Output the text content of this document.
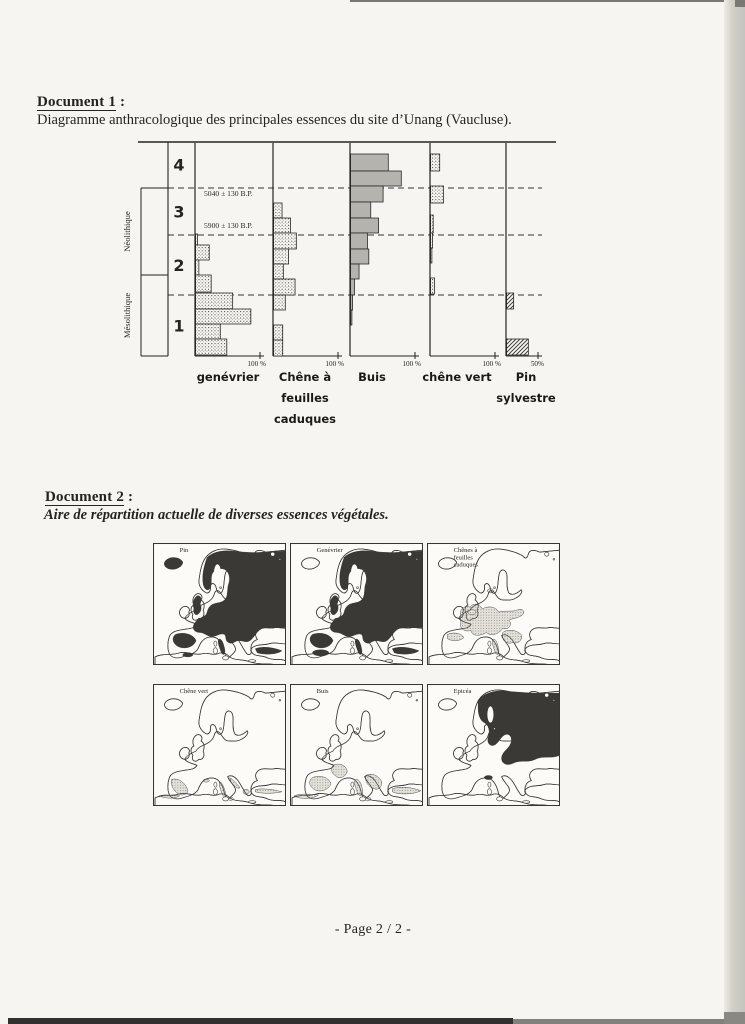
Document 1 :
Diagramme anthracologique des principales essences du site d’Unang (Vaucluse).
Néolithique
Mésolithique
4
3
2
1
5040 ± 130 B.P.
5900 ± 130 B.P.
100 %
genévrier
100 %
Chêne à
feuilles
caduques
100 %
Buis
100 %
chêne vert
50%
Pin
sylvestre
Document 2 :
Aire de répartition actuelle de diverses essences végétales.
Pin	Genévrier	Chênes à feuilles caduques
Chêne vert	Buis	Epicéa
- Page 2 / 2 -
